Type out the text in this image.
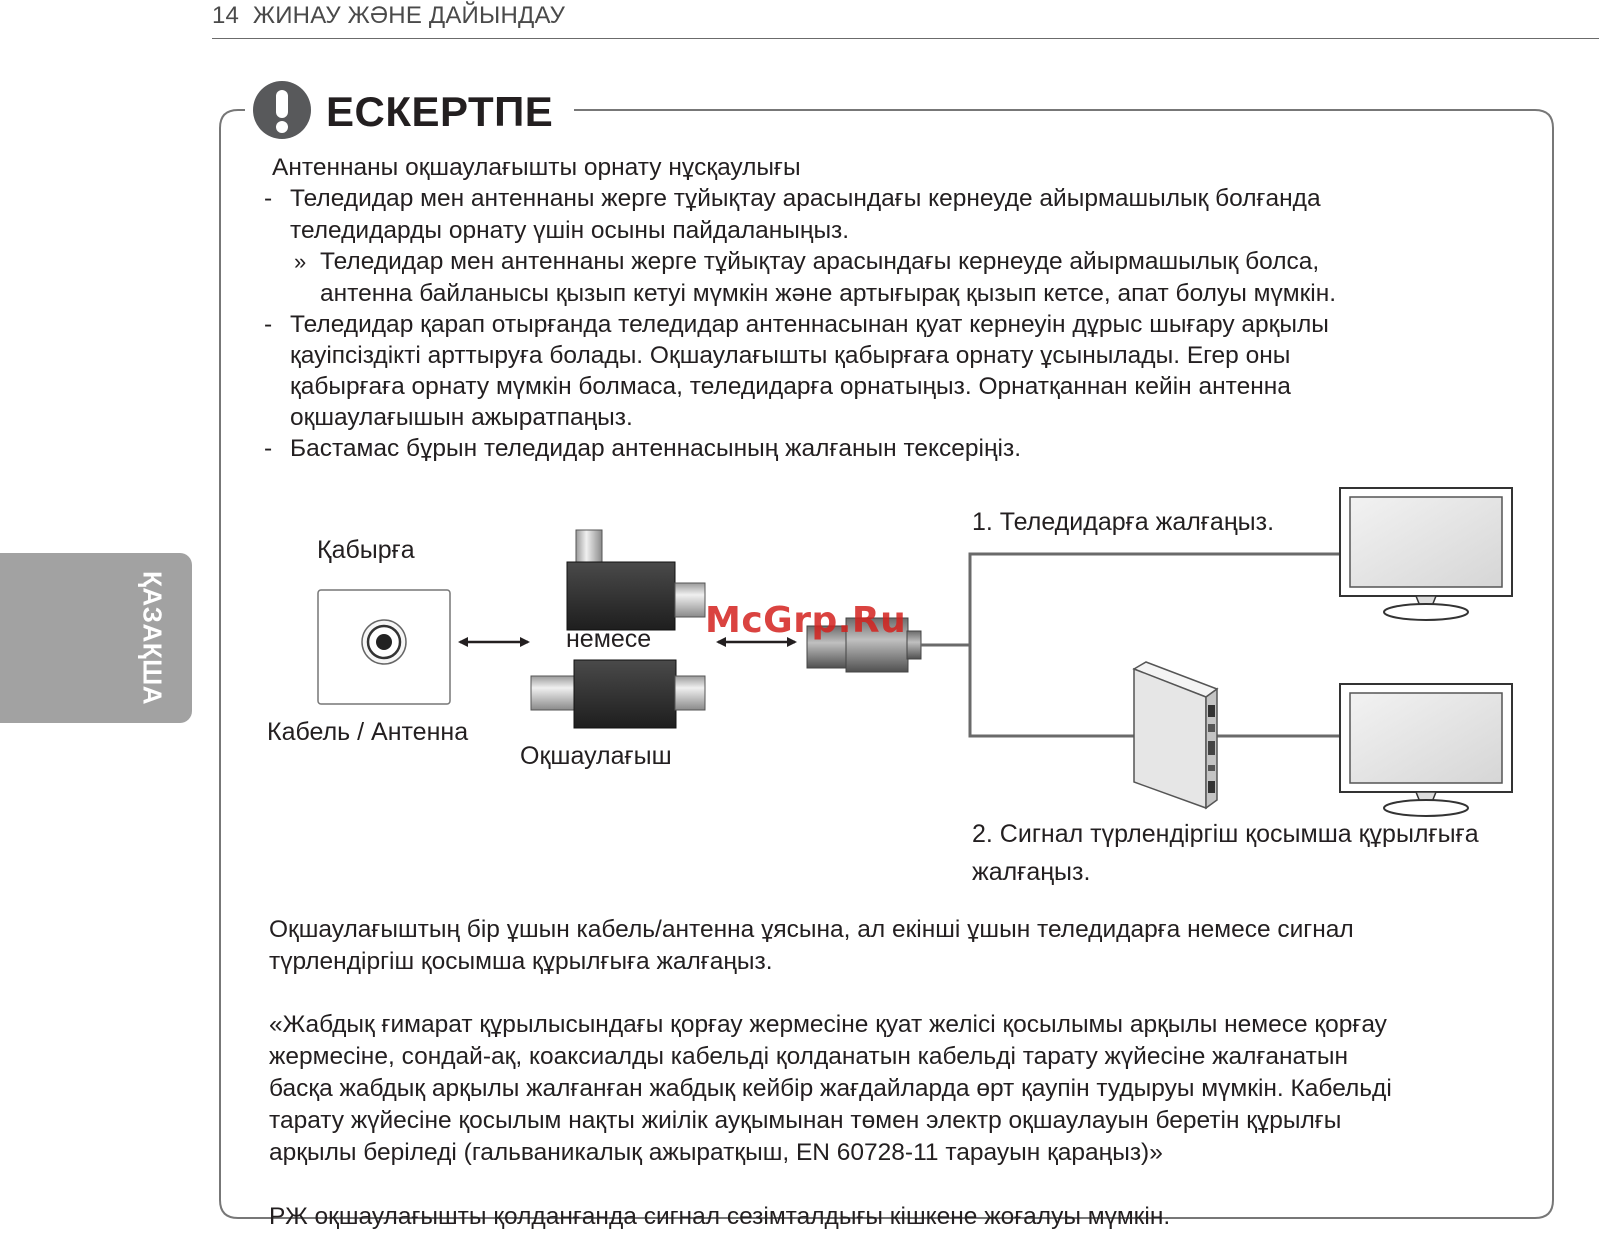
14 ЖИНАУ ЖӘНЕ ДАЙЫНДАУ
ҚАЗАҚША
ЕСКЕРТПЕ
Антеннаны оқшаулағышты орнату нұсқаулығы
- Теледидар мен антеннаны жерге тұйықтау арасындағы кернеуде айырмашылық болғанда
теледидарды орнату үшін осыны пайдаланыңыз.
» Теледидар мен антеннаны жерге тұйықтау арасындағы кернеуде айырмашылық болса,
антенна байланысы қызып кетуі мүмкін және артығырақ қызып кетсе, апат болуы мүмкін.
- Теледидар қарап отырғанда теледидар антеннасынан қуат кернеуін дұрыс шығару арқылы
қауіпсіздікті арттыруға болады. Оқшаулағышты қабырғаға орнату ұсынылады. Егер оны
қабырғаға орнату мүмкін болмаса, теледидарға орнатыңыз. Орнатқаннан кейін антенна
оқшаулағышын ажыратпаңыз.
- Бастамас бұрын теледидар антеннасының жалғанын тексеріңіз.
Қабырға
Кабель / Антенна
немесе
Оқшаулағыш
1. Теледидарға жалғаңыз.
2. Сигнал түрлендіргіш қосымша құрылғыға
жалғаңыз.
McGrp.Ru
Оқшаулағыштың бір ұшын кабель/антенна ұясына, ал екінші ұшын теледидарға немесе сигнал
түрлендіргіш қосымша құрылғыға жалғаңыз.
«Жабдық ғимарат құрылысындағы қорғау жермесіне қуат желісі қосылымы арқылы немесе қорғау
жермесіне, сондай-ақ, коаксиалды кабельді қолданатын кабельді тарату жүйесіне жалғанатын
басқа жабдық арқылы жалғанған жабдық кейбір жағдайларда өрт қаупін тудыруы мүмкін. Кабельді
тарату жүйесіне қосылым нақты жиілік ауқымынан төмен электр оқшаулауын беретін құрылғы
арқылы беріледі (гальваникалық ажыратқыш, EN 60728-11 тарауын қараңыз)»
РЖ оқшаулағышты қолданғанда сигнал сезімталдығы кішкене жоғалуы мүмкін.
